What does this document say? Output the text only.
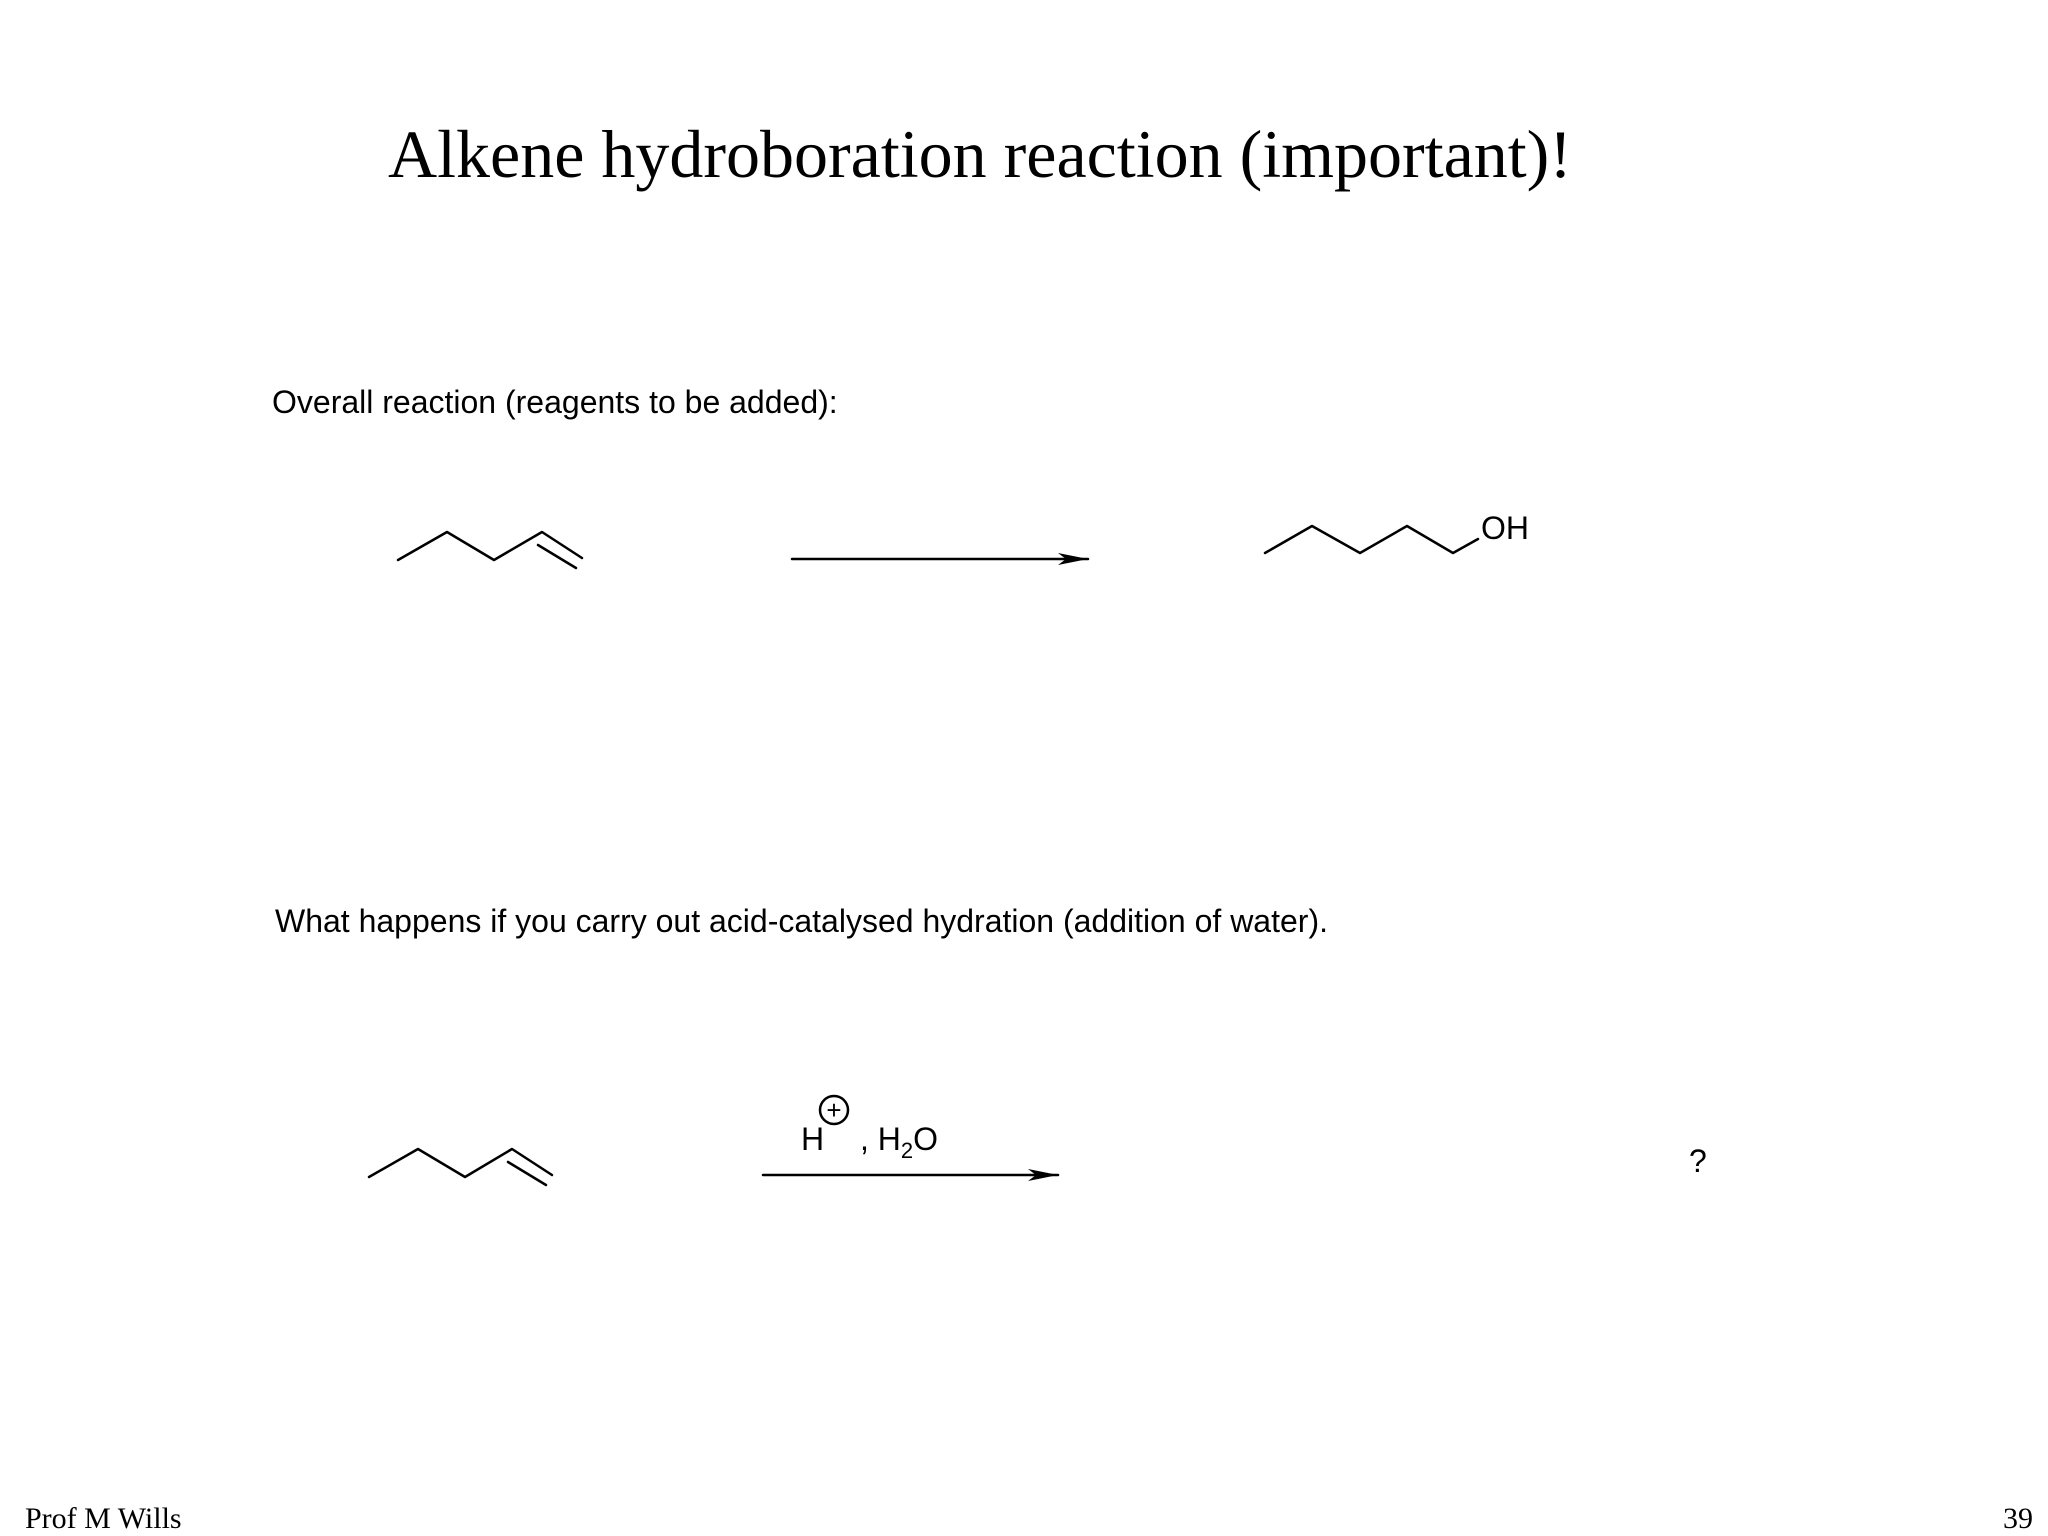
Alkene hydroboration reaction (important)!
Overall reaction (reagents to be added):
What happens if you carry out acid-catalysed hydration (addition of water).
OH
H
+
, $H_2O$
?
Prof M Wills	39
